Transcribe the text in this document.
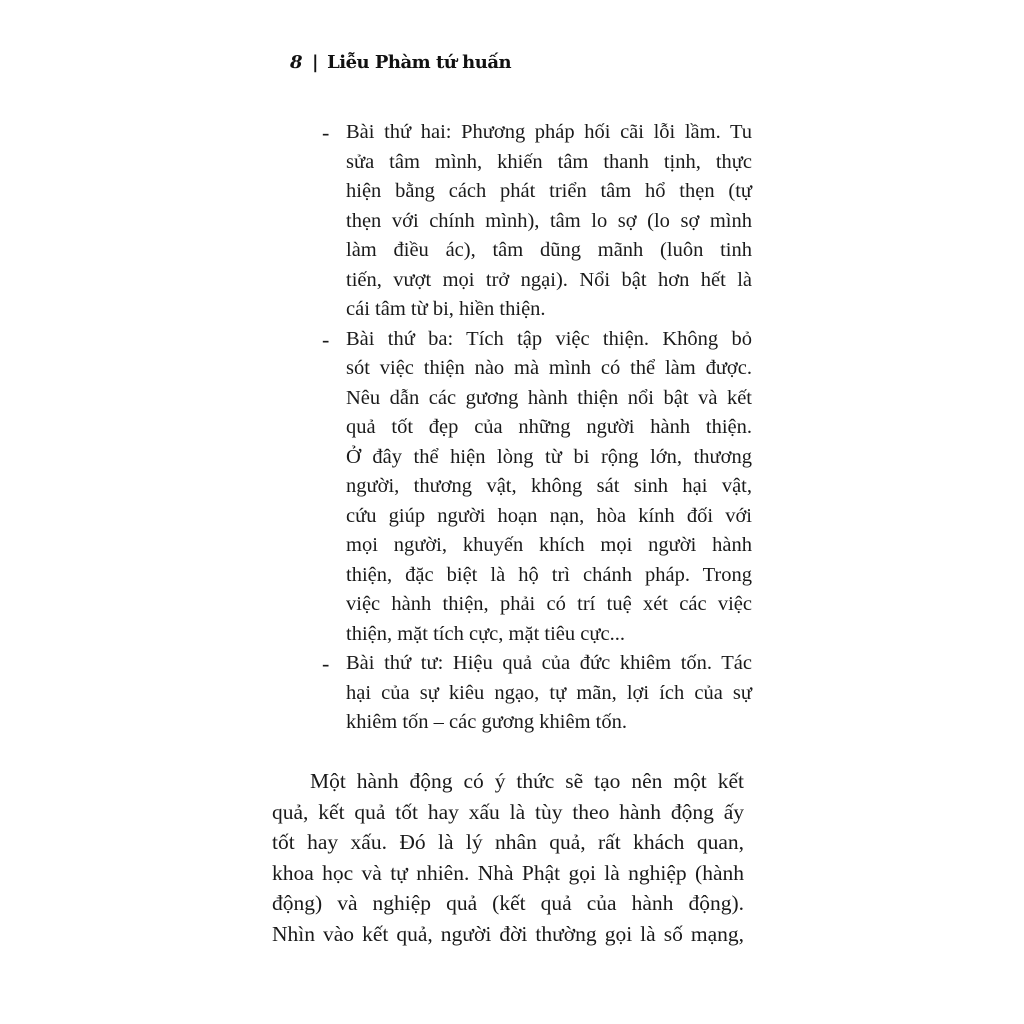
8 | Liễu Phàm tứ huấn
- Bài thứ hai: Phương pháp hối cãi lỗi lầm. Tu
sửa tâm mình, khiến tâm thanh tịnh, thực
hiện bằng cách phát triển tâm hổ thẹn (tự
thẹn với chính mình), tâm lo sợ (lo sợ mình
làm điều ác), tâm dũng mãnh (luôn tinh
tiến, vượt mọi trở ngại). Nổi bật hơn hết là
cái tâm từ bi, hiền thiện.
- Bài thứ ba: Tích tập việc thiện. Không bỏ
sót việc thiện nào mà mình có thể làm được.
Nêu dẫn các gương hành thiện nổi bật và kết
quả tốt đẹp của những người hành thiện.
Ở đây thể hiện lòng từ bi rộng lớn, thương
người, thương vật, không sát sinh hại vật,
cứu giúp người hoạn nạn, hòa kính đối với
mọi người, khuyến khích mọi người hành
thiện, đặc biệt là hộ trì chánh pháp. Trong
việc hành thiện, phải có trí tuệ xét các việc
thiện, mặt tích cực, mặt tiêu cực...
- Bài thứ tư: Hiệu quả của đức khiêm tốn. Tác
hại của sự kiêu ngạo, tự mãn, lợi ích của sự
khiêm tốn – các gương khiêm tốn.
Một hành động có ý thức sẽ tạo nên một kết
quả, kết quả tốt hay xấu là tùy theo hành động ấy
tốt hay xấu. Đó là lý nhân quả, rất khách quan,
khoa học và tự nhiên. Nhà Phật gọi là nghiệp (hành
động) và nghiệp quả (kết quả của hành động).
Nhìn vào kết quả, người đời thường gọi là số mạng,
